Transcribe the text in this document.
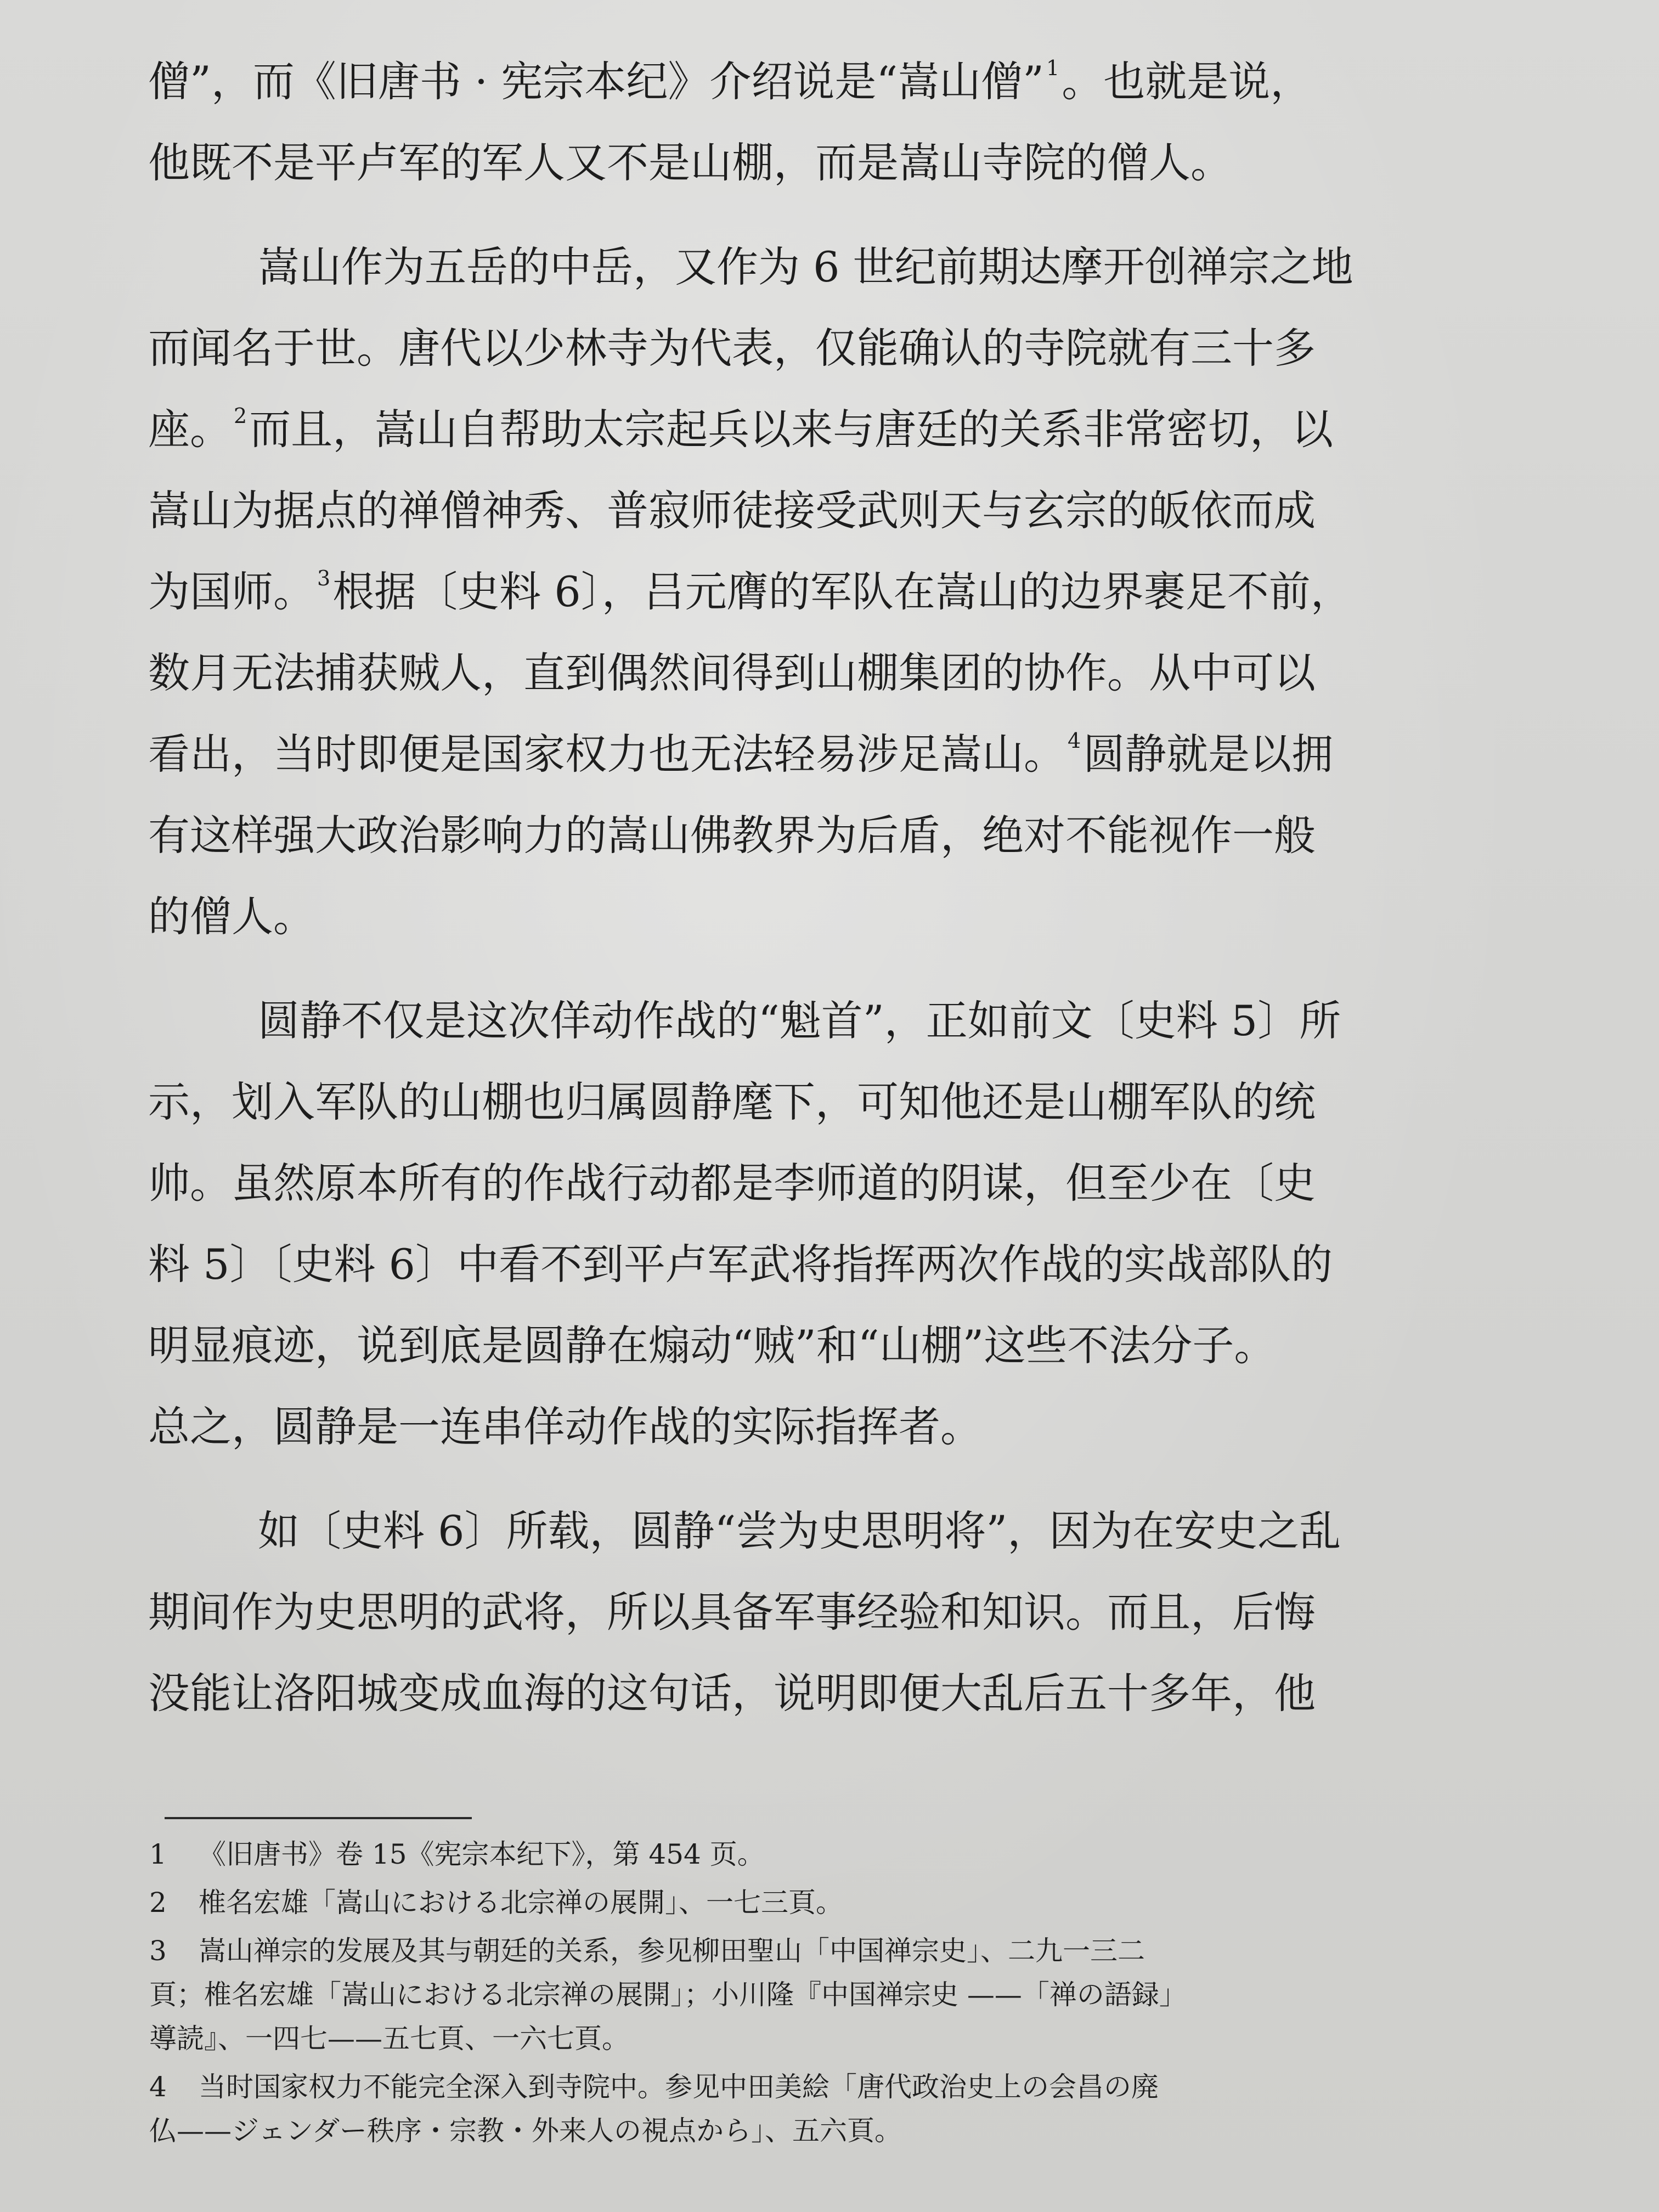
僧”，而《旧唐书 · 宪宗本纪》介绍说是“嵩山僧” $^1$。也就是说，
他既不是平卢军的军人又不是山棚，而是嵩山寺院的僧人。
嵩山作为五岳的中岳，又作为 6 世纪前期达摩开创禅宗之地
而闻名于世。唐代以少林寺为代表，仅能确认的寺院就有三十多
座。 $^2$而且，嵩山自帮助太宗起兵以来与唐廷的关系非常密切，以
嵩山为据点的禅僧神秀、普寂师徒接受武则天与玄宗的皈依而成
为国师。 $^3$根据〔史料 6〕，吕元膺的军队在嵩山的边界裹足不前，
数月无法捕获贼人，直到偶然间得到山棚集团的协作。从中可以
看出，当时即便是国家权力也无法轻易涉足嵩山。 $^4$圆静就是以拥
有这样强大政治影响力的嵩山佛教界为后盾，绝对不能视作一般
的僧人。
圆静不仅是这次佯动作战的“魁首”，正如前文〔史料 5〕所
示，划入军队的山棚也归属圆静麾下，可知他还是山棚军队的统
帅。虽然原本所有的作战行动都是李师道的阴谋，但至少在〔史
料 5〕〔史料 6〕中看不到平卢军武将指挥两次作战的实战部队的
明显痕迹，说到底是圆静在煽动“贼”和“山棚”这些不法分子。
总之，圆静是一连串佯动作战的实际指挥者。
如〔史料 6〕所载，圆静“尝为史思明将”，因为在安史之乱
期间作为史思明的武将，所以具备军事经验和知识。而且，后悔
没能让洛阳城变成血海的这句话，说明即便大乱后五十多年，他
1 《旧唐书》卷 15《宪宗本纪下》，第 454 页。
2 椎名宏雄「嵩山における北宗禅の展開」、一七三頁。
3 嵩山禅宗的发展及其与朝廷的关系，参见柳田聖山「中国禅宗史」、二九一三二
頁；椎名宏雄「嵩山における北宗禅の展開」；小川隆『中国禅宗史 ——「禅の語録」
導読』、一四七——五七頁、一六七頁。
4 当时国家权力不能完全深入到寺院中。参见中田美絵「唐代政治史上の会昌の廃
仏——ジェンダー秩序・宗教・外来人の視点から」、五六頁。
